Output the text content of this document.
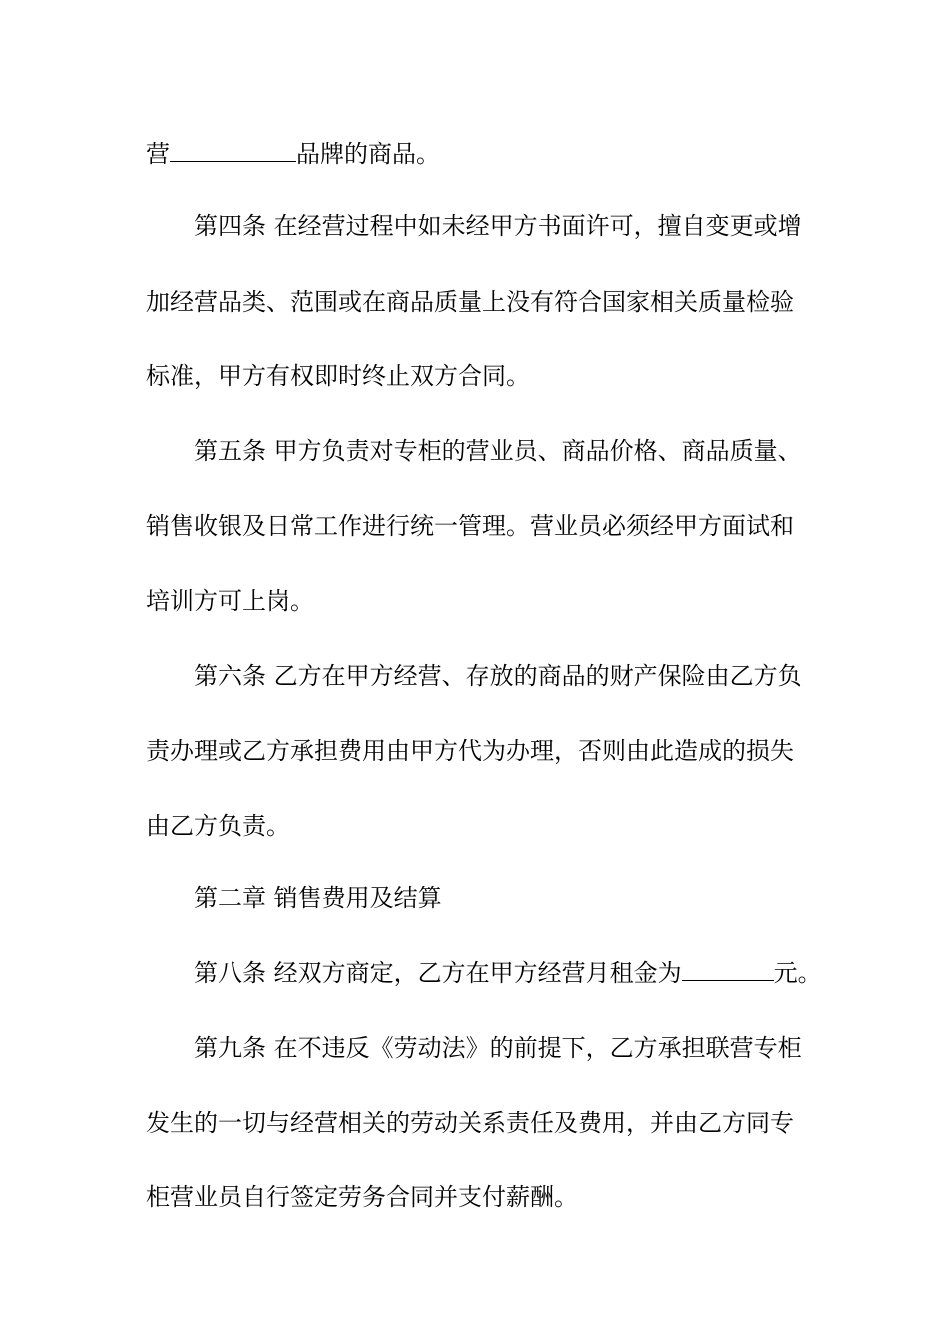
营	品牌的商品。
第四条 在经营过程中如未经甲方书面许可，擅自变更或增
加经营品类、范围或在商品质量上没有符合国家相关质量检验
标准，甲方有权即时终止双方合同。
第五条 甲方负责对专柜的营业员、商品价格、商品质量、
销售收银及日常工作进行统一管理。营业员必须经甲方面试和
培训方可上岗。
第六条 乙方在甲方经营、存放的商品的财产保险由乙方负
责办理或乙方承担费用由甲方代为办理，否则由此造成的损失
由乙方负责。
第二章 销售费用及结算
第八条 经双方商定，乙方在甲方经营月租金为	元。
第九条 在不违反《劳动法》的前提下，乙方承担联营专柜
发生的一切与经营相关的劳动关系责任及费用，并由乙方同专
柜营业员自行签定劳务合同并支付薪酬。
